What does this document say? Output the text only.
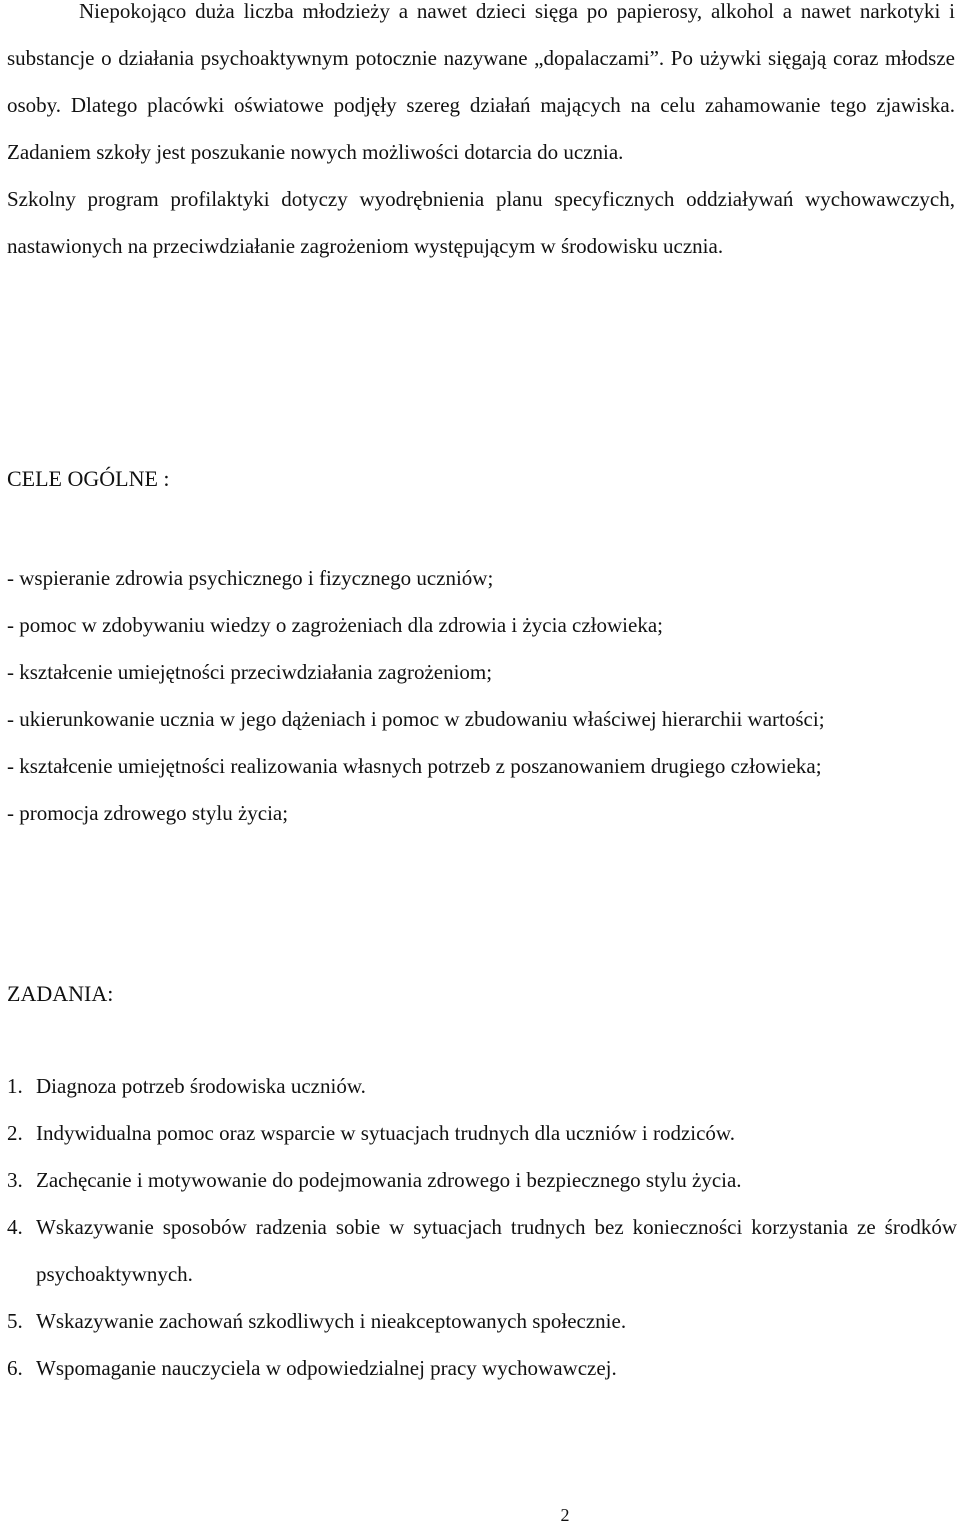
Niepokojąco duża liczba młodzieży a nawet dzieci sięga po papierosy, alkohol a nawet narkotyki i substancje o działania psychoaktywnym potocznie nazywane „dopalaczami”. Po używki sięgają coraz młodsze osoby. Dlatego placówki oświatowe podjęły szereg działań mających na celu zahamowanie tego zjawiska. Zadaniem szkoły jest poszukanie nowych możliwości dotarcia do ucznia.

Szkolny program profilaktyki dotyczy wyodrębnienia planu specyficznych oddziaływań wychowawczych, nastawionych na przeciwdziałanie zagrożeniom występującym w środowisku ucznia.

CELE OGÓLNE :
- wspieranie zdrowia psychicznego i fizycznego uczniów;
- pomoc w zdobywaniu wiedzy o zagrożeniach dla zdrowia i życia człowieka;
- kształcenie umiejętności przeciwdziałania zagrożeniom;
- ukierunkowanie ucznia w jego dążeniach i pomoc w zbudowaniu właściwej hierarchii wartości;
- kształcenie umiejętności realizowania własnych potrzeb z poszanowaniem drugiego człowieka;
- promocja zdrowego stylu życia;
ZADANIA:
1. Diagnoza potrzeb środowiska uczniów.
2. Indywidualna pomoc oraz wsparcie w sytuacjach trudnych dla uczniów i rodziców.
3. Zachęcanie i motywowanie do podejmowania zdrowego i bezpiecznego stylu życia.
4. Wskazywanie sposobów radzenia sobie w sytuacjach trudnych bez konieczności korzystania ze środków psychoaktywnych.
5. Wskazywanie zachowań szkodliwych i nieakceptowanych społecznie.
6. Wspomaganie nauczyciela w odpowiedzialnej pracy wychowawczej.
2
